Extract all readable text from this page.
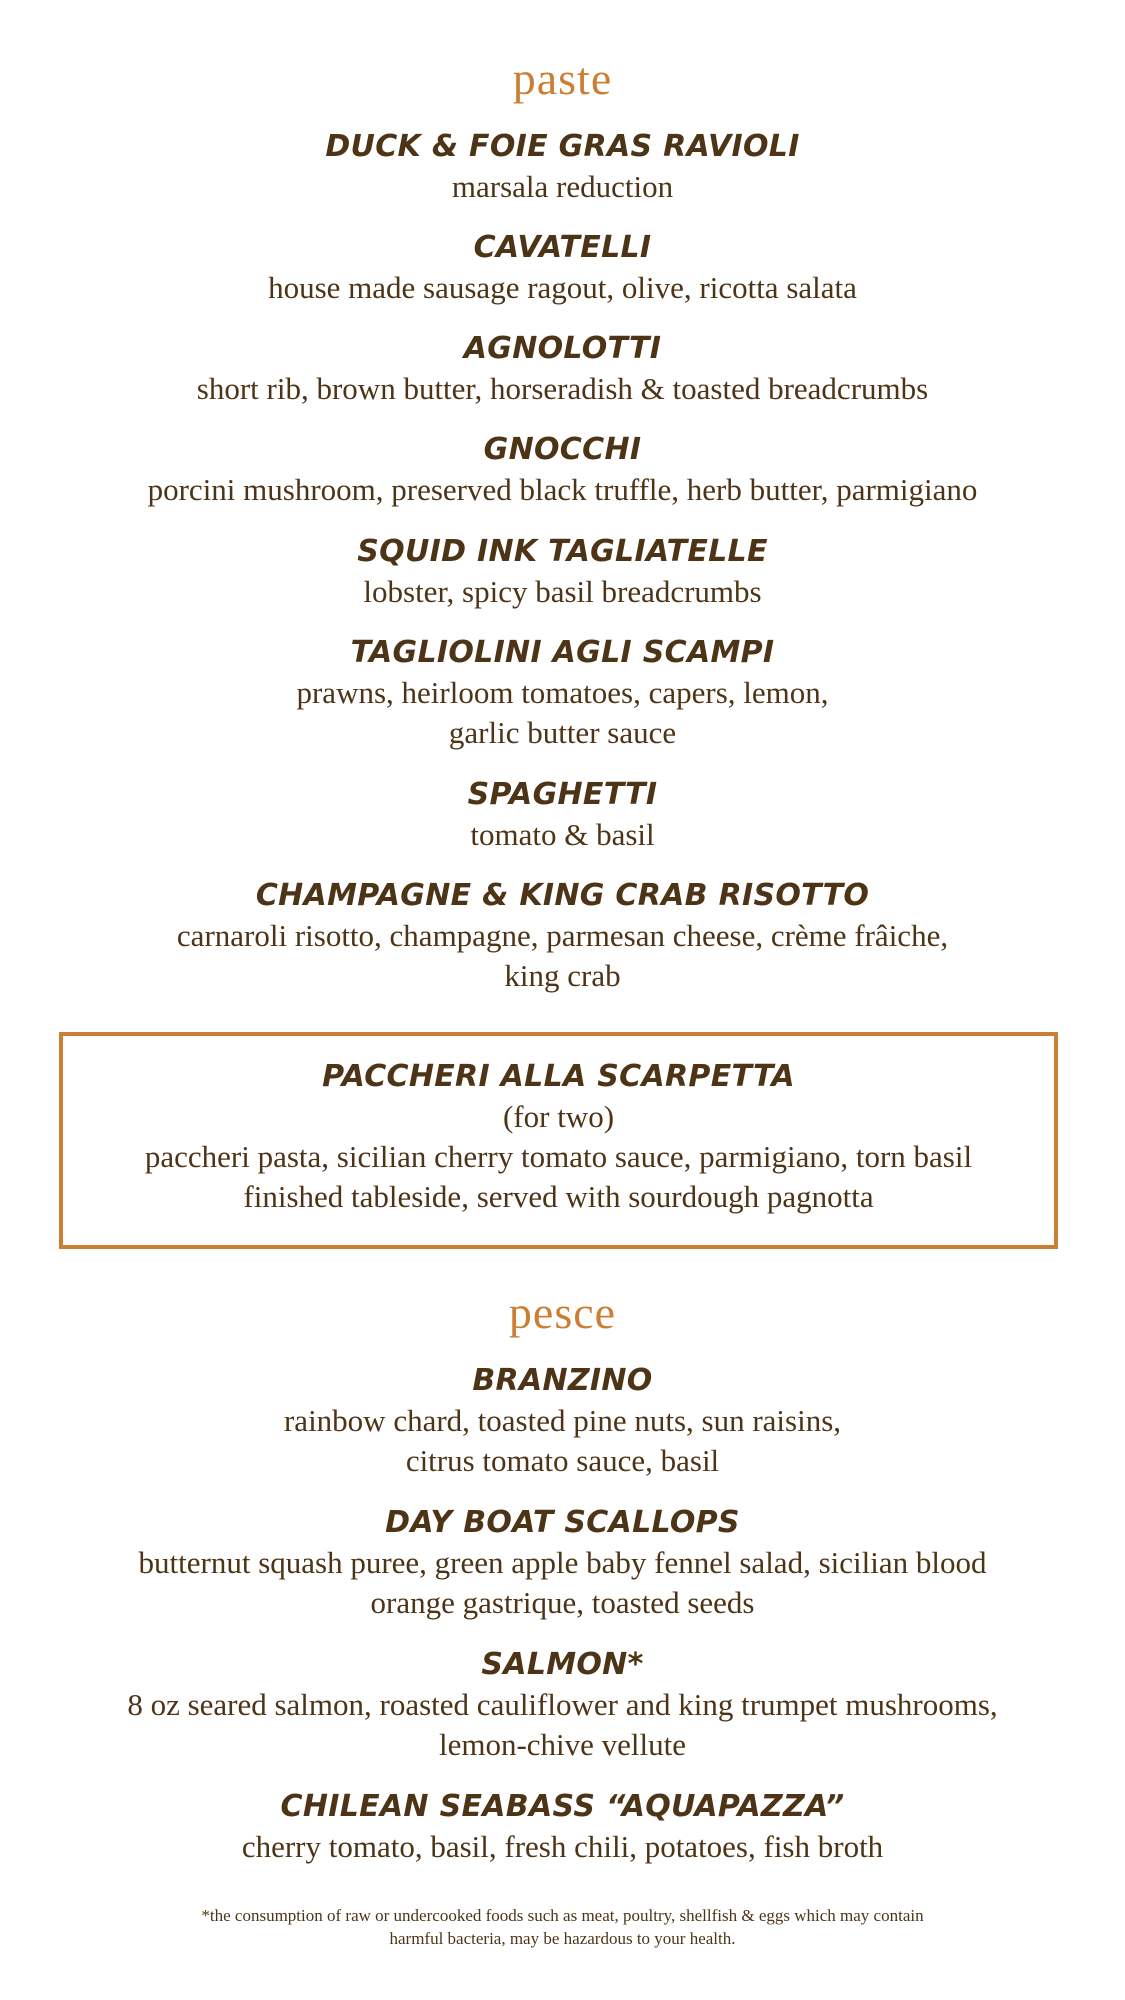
paste
DUCK & FOIE GRAS RAVIOLI
marsala reduction
CAVATELLI
house made sausage ragout, olive, ricotta salata
AGNOLOTTI
short rib, brown butter, horseradish & toasted breadcrumbs
GNOCCHI
porcini mushroom, preserved black truffle, herb butter, parmigiano
SQUID INK TAGLIATELLE
lobster, spicy basil breadcrumbs
TAGLIOLINI AGLI SCAMPI
prawns, heirloom tomatoes, capers, lemon,
garlic butter sauce
SPAGHETTI
tomato & basil
CHAMPAGNE & KING CRAB RISOTTO
carnaroli risotto, champagne, parmesan cheese, crème frâiche,
king crab
PACCHERI ALLA SCARPETTA
(for two)
paccheri pasta, sicilian cherry tomato sauce, parmigiano, torn basil
finished tableside, served with sourdough pagnotta
pesce
BRANZINO
rainbow chard, toasted pine nuts, sun raisins,
citrus tomato sauce, basil
DAY BOAT SCALLOPS
butternut squash puree, green apple baby fennel salad, sicilian blood
orange gastrique, toasted seeds
SALMON*
8 oz seared salmon, roasted cauliflower and king trumpet mushrooms,
lemon-chive vellute
CHILEAN SEABASS “AQUAPAZZA”
cherry tomato, basil, fresh chili, potatoes, fish broth
*the consumption of raw or undercooked foods such as meat, poultry, shellfish & eggs which may contain
harmful bacteria, may be hazardous to your health.
